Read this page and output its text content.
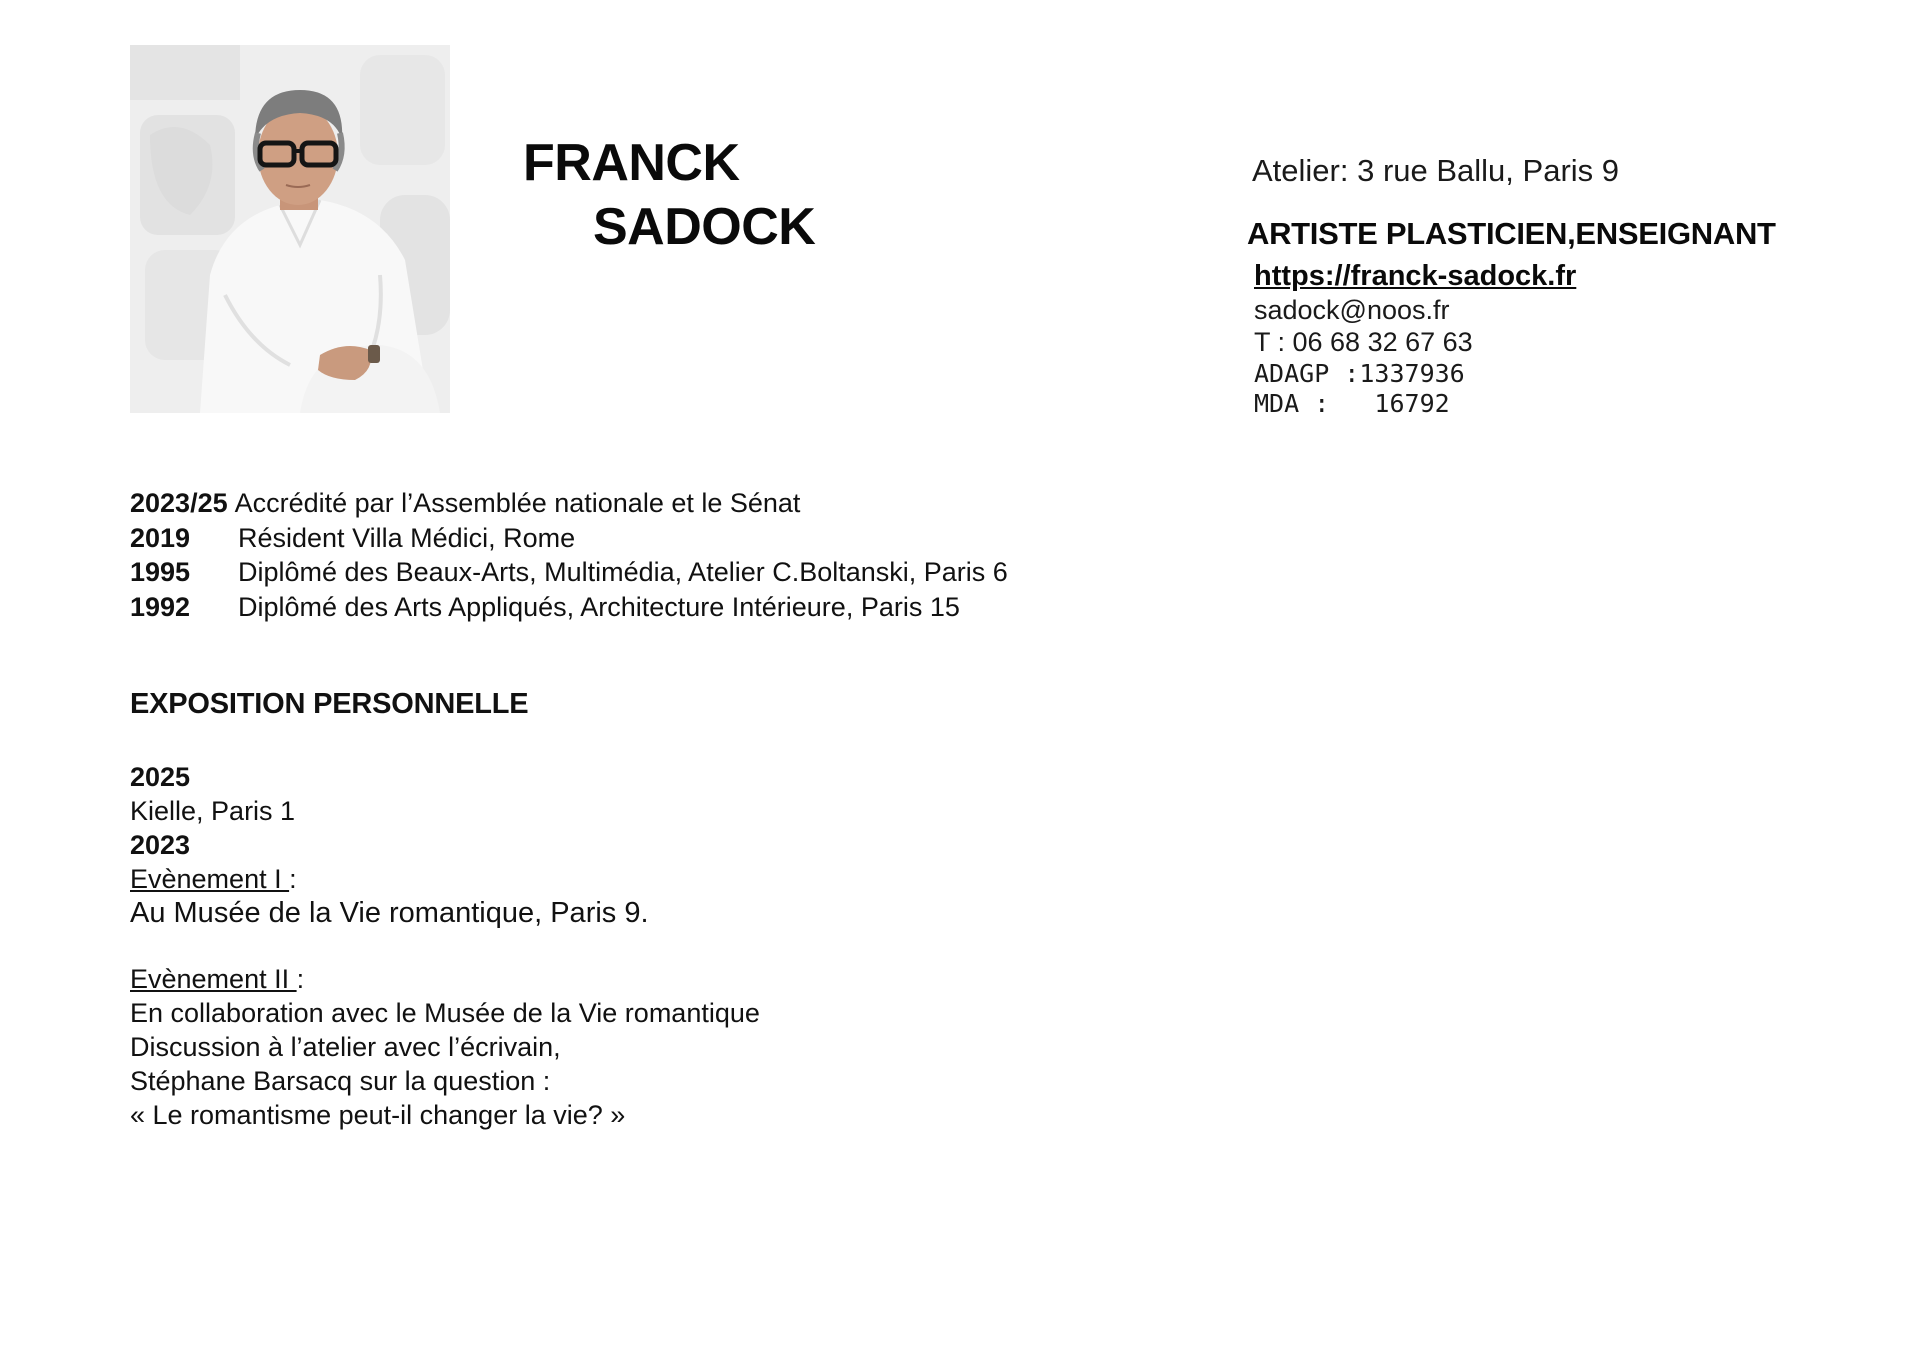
FRANCK
SADOCK
Atelier: 3 rue Ballu, Paris 9
ARTISTE PLASTICIEN,ENSEIGNANT
https://franck-sadock.fr
sadock@noos.fr
T : 06 68 32 67 63
ADAGP :1337936
MDA :   16792
2023/25 Accrédité par l’Assemblée nationale et le Sénat
2019	Résident Villa Médici, Rome
1995	Diplômé des Beaux-Arts, Multimédia, Atelier C.Boltanski, Paris 6
1992	Diplômé des Arts Appliqués, Architecture Intérieure, Paris 15
EXPOSITION PERSONNELLE
2025
Kielle, Paris 1
2023
Evènement I :
Au Musée de la Vie romantique, Paris 9.
Evènement II :
En collaboration avec le Musée de la Vie romantique
Discussion à l’atelier avec l’écrivain,
Stéphane Barsacq sur la question :
« Le romantisme peut-il changer la vie? »
